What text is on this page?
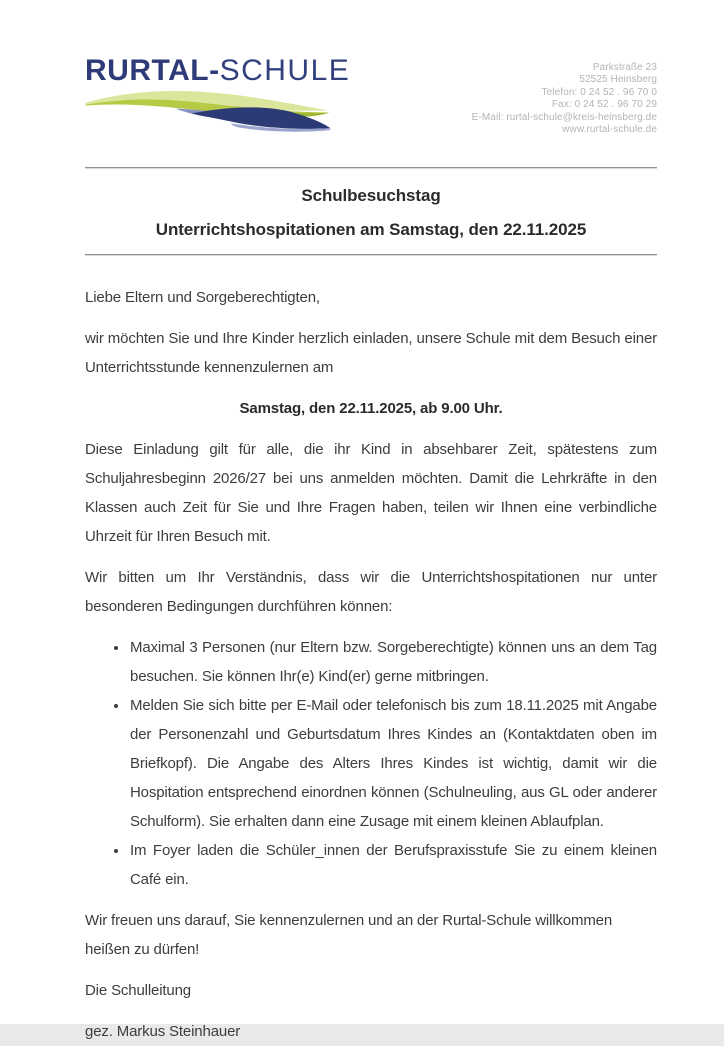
RURTAL-SCHULE	Parkstraße 23
52525 Heinsberg
Telefon: 0 24 52 . 96 70 0
Fax: 0 24 52 . 96 70 29
E-Mail: rurtal-schule@kreis-heinsberg.de
www.rurtal-schule.de
Schulbesuchstag
Unterrichtshospitationen am Samstag, den 22.11.2025

Liebe Eltern und Sorgeberechtigten,

wir möchten Sie und Ihre Kinder herzlich einladen, unsere Schule mit dem Besuch einer Unterrichtsstunde kennenzulernen am

Samstag, den 22.11.2025, ab 9.00 Uhr.

Diese Einladung gilt für alle, die ihr Kind in absehbarer Zeit, spätestens zum Schuljahresbeginn 2026/27 bei uns anmelden möchten. Damit die Lehrkräfte in den Klassen auch Zeit für Sie und Ihre Fragen haben, teilen wir Ihnen eine verbindliche Uhrzeit für Ihren Besuch mit.

Wir bitten um Ihr Verständnis, dass wir die Unterrichtshospitationen nur unter besonderen Bedingungen durchführen können:

• Maximal 3 Personen (nur Eltern bzw. Sorgeberechtigte) können uns an dem Tag besuchen. Sie können Ihr(e) Kind(er) gerne mitbringen.
• Melden Sie sich bitte per E-Mail oder telefonisch bis zum 18.11.2025 mit Angabe der Personenzahl und Geburtsdatum Ihres Kindes an (Kontaktdaten oben im Briefkopf). Die Angabe des Alters Ihres Kindes ist wichtig, damit wir die Hospitation entsprechend einordnen können (Schulneuling, aus GL oder anderer Schulform). Sie erhalten dann eine Zusage mit einem kleinen Ablaufplan.
• Im Foyer laden die Schüler_innen der Berufspraxisstufe Sie zu einem kleinen Café ein.

Wir freuen uns darauf, Sie kennenzulernen und an der Rurtal-Schule willkommen heißen zu dürfen!

Die Schulleitung

gez. Markus Steinhauer
